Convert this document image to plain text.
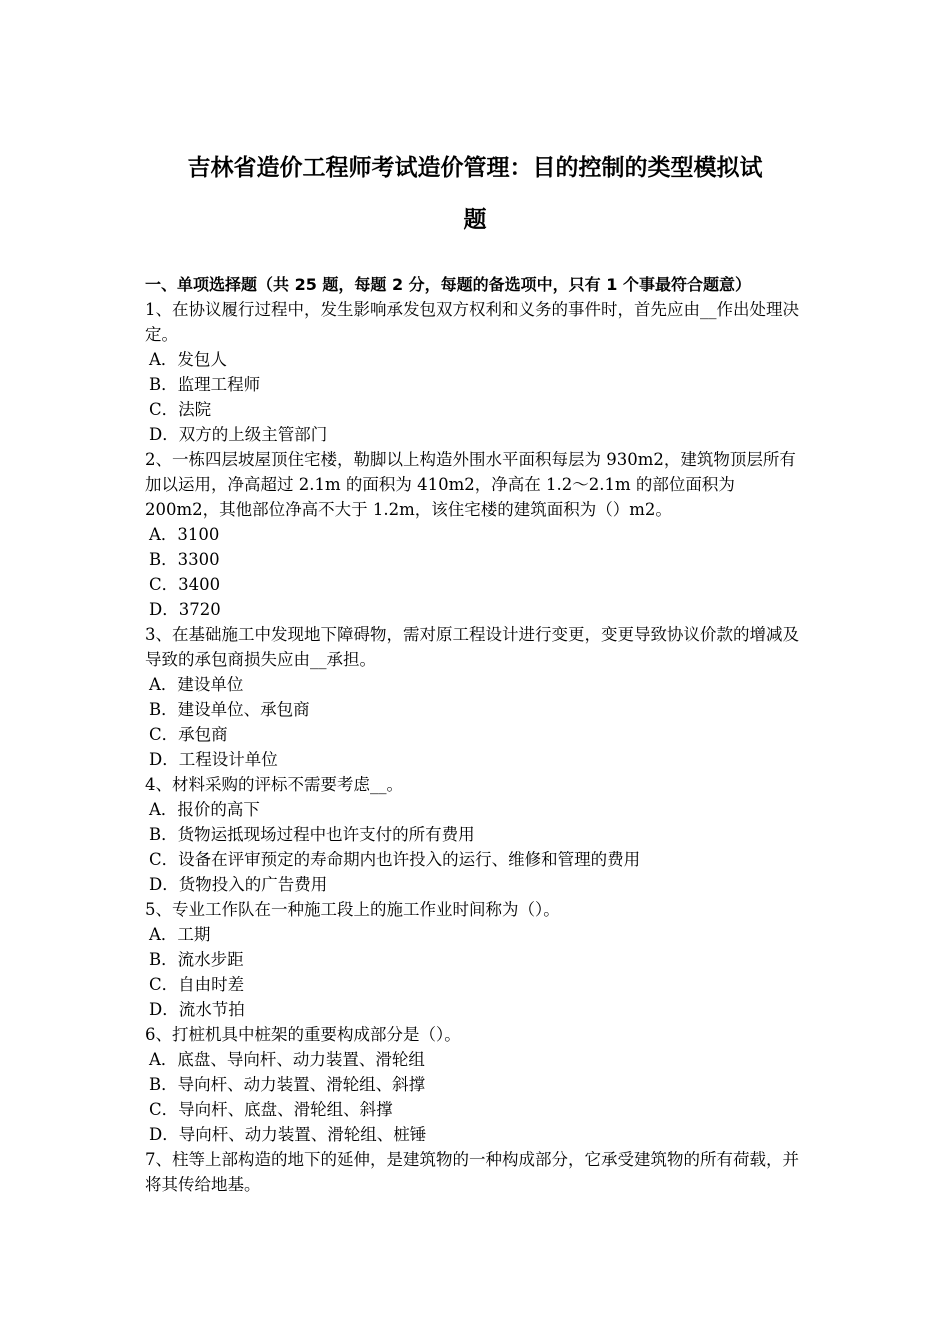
吉林省造价工程师考试造价管理：目的控制的类型模拟试
题
一、单项选择题（共 25 题，每题 2 分，每题的备选项中，只有 1 个事最符合题意）

1、在协议履行过程中，发生影响承发包双方权利和义务的事件时，首先应由__作出处理决定。

A．发包人

B．监理工程师

C．法院

D．双方的上级主管部门

2、一栋四层坡屋顶住宅楼，勒脚以上构造外围水平面积每层为 930m2，建筑物顶层所有加以运用，净高超过 2.1m 的面积为 410m2，净高在 1.2～2.1m 的部位面积为 200m2，其他部位净高不大于 1.2m，该住宅楼的建筑面积为（）m2。

A．3100

B．3300

C．3400

D．3720

3、在基础施工中发现地下障碍物，需对原工程设计进行变更，变更导致协议价款的增减及导致的承包商损失应由__承担。

A．建设单位

B．建设单位、承包商

C．承包商

D．工程设计单位

4、材料采购的评标不需要考虑__。

A．报价的高下

B．货物运抵现场过程中也许支付的所有费用

C．设备在评审预定的寿命期内也许投入的运行、维修和管理的费用

D．货物投入的广告费用

5、专业工作队在一种施工段上的施工作业时间称为（）。

A．工期

B．流水步距

C．自由时差

D．流水节拍

6、打桩机具中桩架的重要构成部分是（）。

A．底盘、导向杆、动力装置、滑轮组

B．导向杆、动力装置、滑轮组、斜撑

C．导向杆、底盘、滑轮组、斜撑

D．导向杆、动力装置、滑轮组、桩锤

7、柱等上部构造的地下的延伸，是建筑物的一种构成部分，它承受建筑物的所有荷载，并将其传给地基。
